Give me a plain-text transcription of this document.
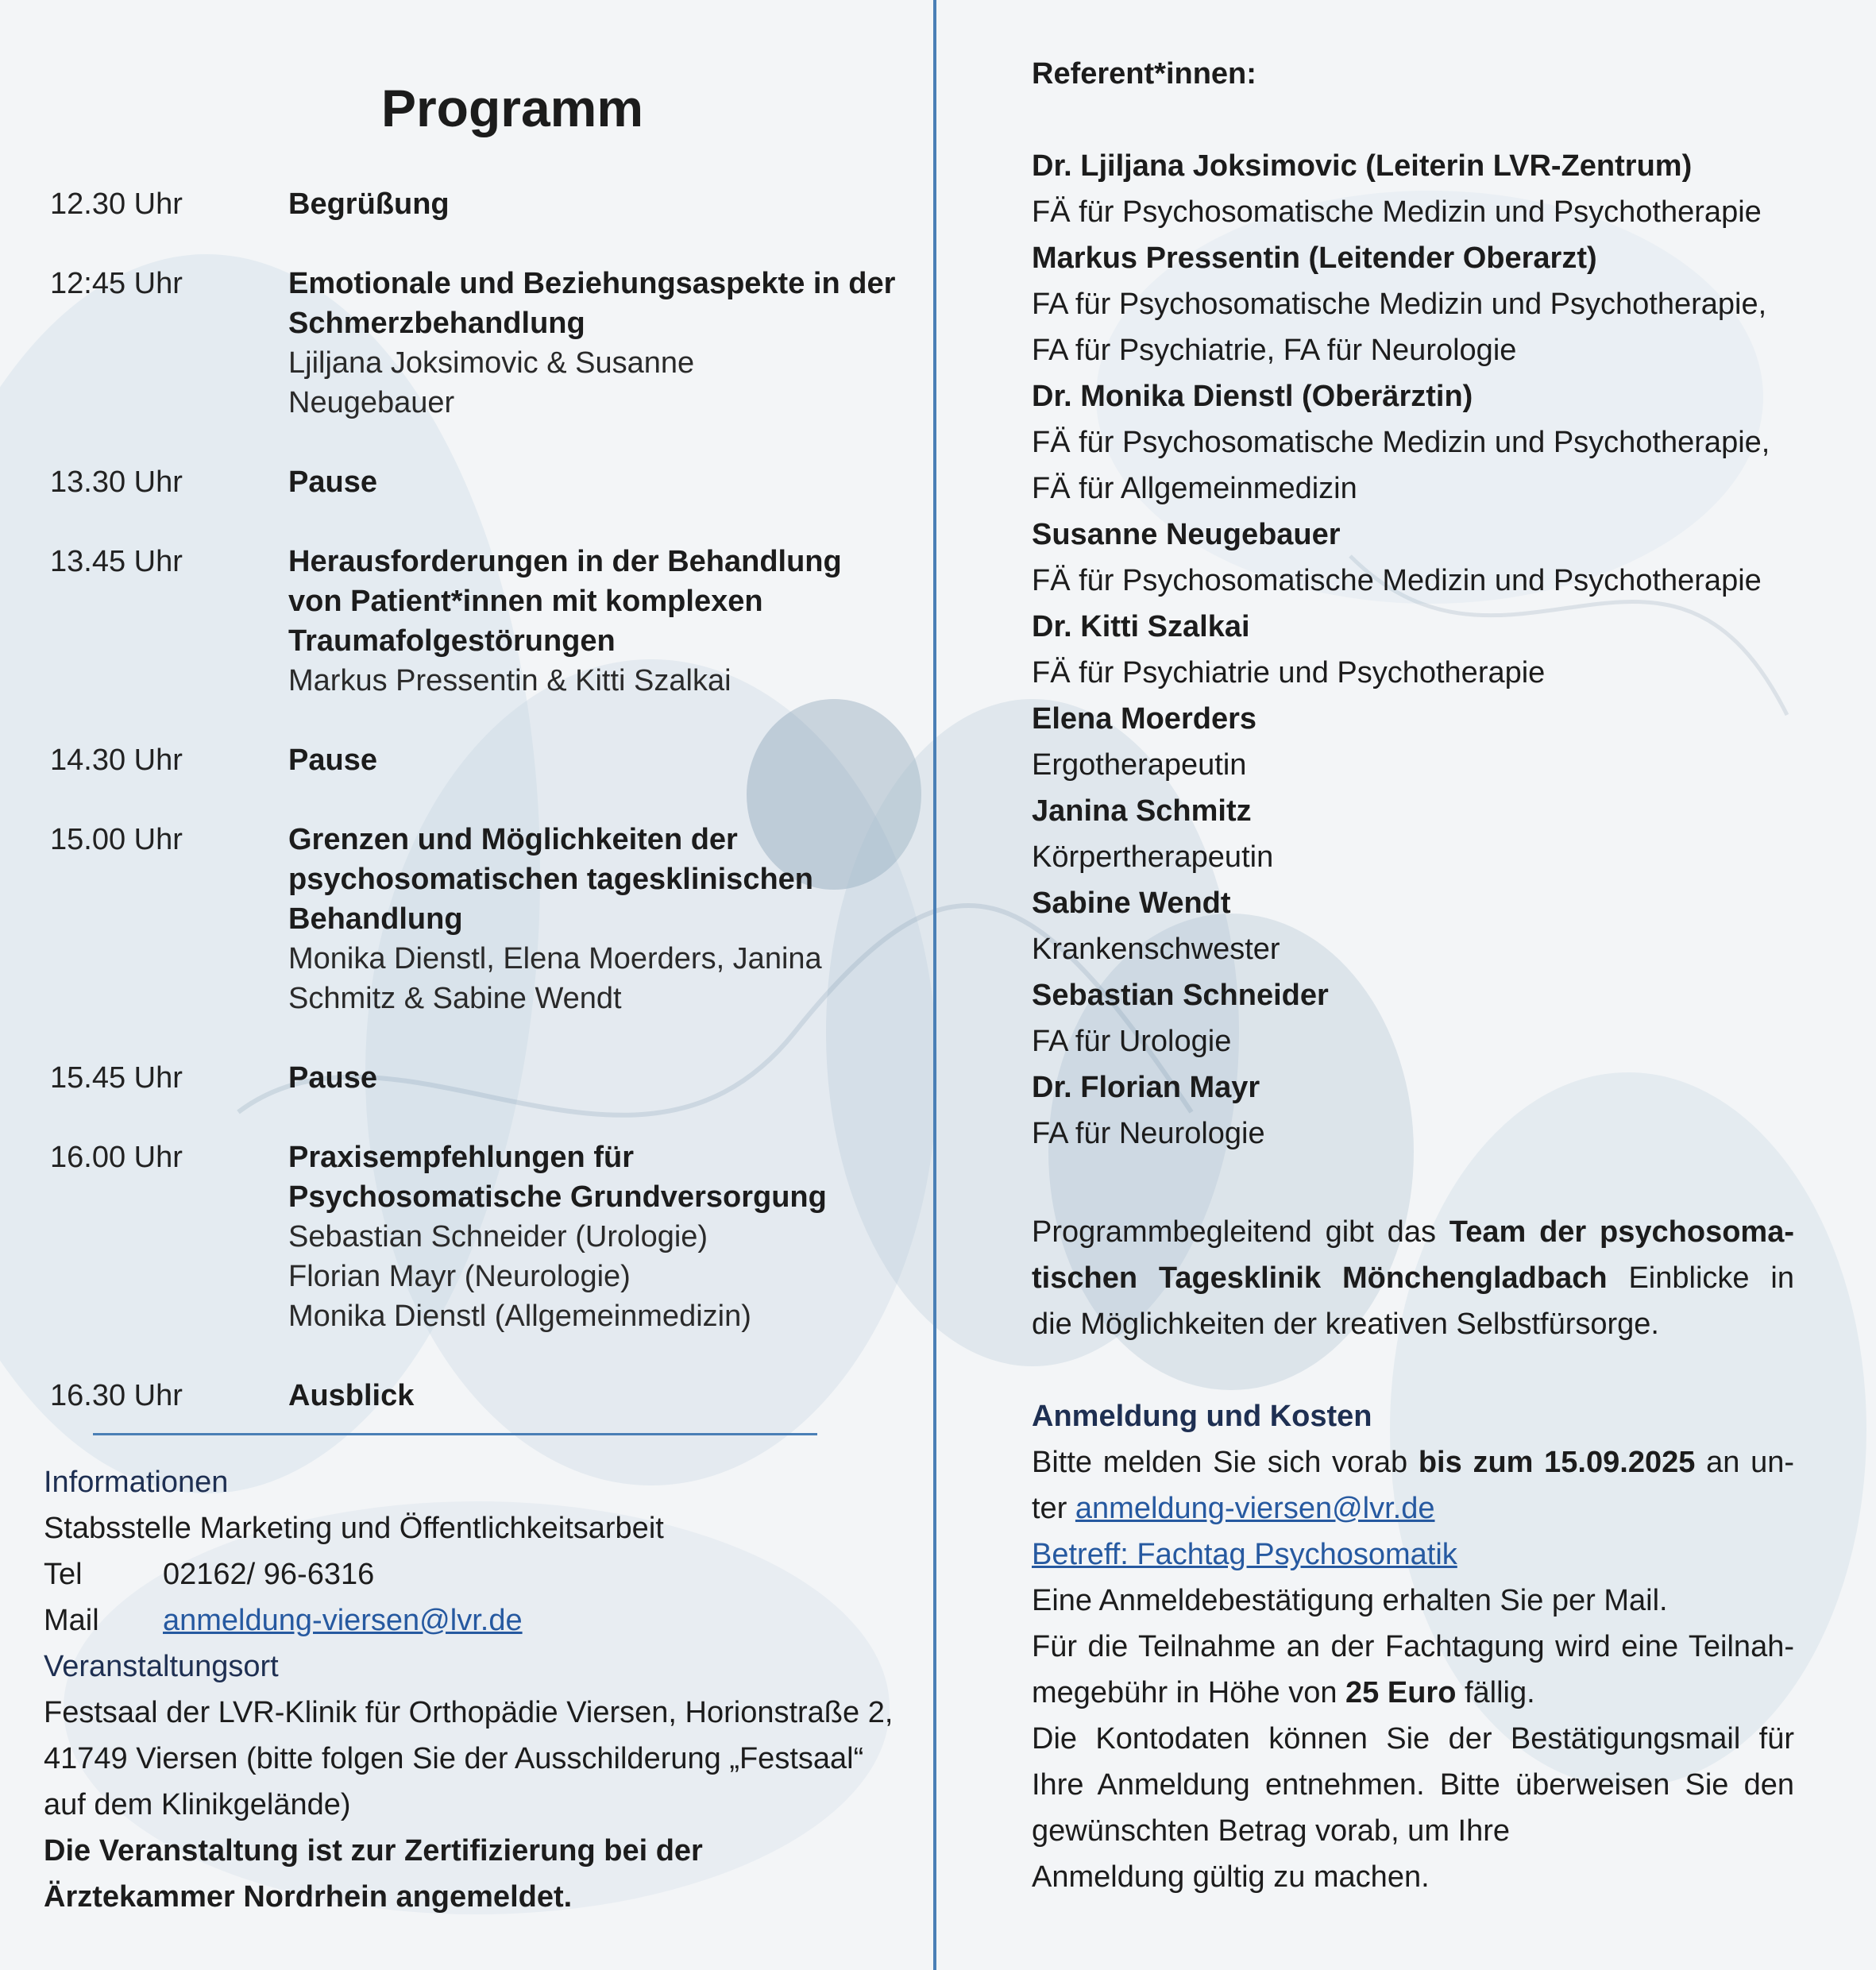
Programm
12.30 Uhr	Begrüßung
12:45 Uhr	Emotionale und Beziehungsaspekte in der
Schmerzbehandlung
Ljiljana Joksimovic & Susanne
Neugebauer
13.30 Uhr	Pause
13.45 Uhr	Herausforderungen in der Behandlung
von Patient*innen mit komplexen
Traumafolgestörungen
Markus Pressentin & Kitti Szalkai
14.30 Uhr	Pause
15.00 Uhr	Grenzen und Möglichkeiten der
psychosomatischen tagesklinischen
Behandlung
Monika Dienstl, Elena Moerders, Janina
Schmitz & Sabine Wendt
15.45 Uhr	Pause
16.00 Uhr	Praxisempfehlungen für
Psychosomatische Grundversorgung
Sebastian Schneider (Urologie)
Florian Mayr (Neurologie)
Monika Dienstl (Allgemeinmedizin)
16.30 Uhr	Ausblick
Informationen
Stabsstelle Marketing und Öffentlichkeitsarbeit
Tel	02162/ 96-6316
Mail anmeldung-viersen@lvr.de
Veranstaltungsort
Festsaal der LVR-Klinik für Orthopädie Viersen, Horionstraße 2,
41749 Viersen (bitte folgen Sie der Ausschilderung „Festsaal“
auf dem Klinikgelände)
Die Veranstaltung ist zur Zertifizierung bei der
Ärztekammer Nordrhein angemeldet.
Referent*innen:
Dr. Ljiljana Joksimovic (Leiterin LVR-Zentrum)
FÄ für Psychosomatische Medizin und Psychotherapie
Markus Pressentin (Leitender Oberarzt)
FA für Psychosomatische Medizin und Psychotherapie,
FA für Psychiatrie, FA für Neurologie
Dr. Monika Dienstl (Oberärztin)
FÄ für Psychosomatische Medizin und Psychotherapie,
FÄ für Allgemeinmedizin
Susanne Neugebauer
FÄ für Psychosomatische Medizin und Psychotherapie
Dr. Kitti Szalkai
FÄ für Psychiatrie und Psychotherapie
Elena Moerders
Ergotherapeutin
Janina Schmitz
Körpertherapeutin
Sabine Wendt
Krankenschwester
Sebastian Schneider
FA für Urologie
Dr. Florian Mayr
FA für Neurologie
Programmbegleitend gibt das Team der psychosoma-
tischen Tagesklinik Mönchengladbach Einblicke in
die Möglichkeiten der kreativen Selbstfürsorge.
Anmeldung und Kosten
Bitte melden Sie sich vorab bis zum 15.09.2025 an un-
ter anmeldung-viersen@lvr.de
Betreff: Fachtag Psychosomatik
Eine Anmeldebestätigung erhalten Sie per Mail.
Für die Teilnahme an der Fachtagung wird eine Teilnah-
megebühr in Höhe von 25 Euro fällig.
Die Kontodaten können Sie der Bestätigungsmail für
Ihre Anmeldung entnehmen. Bitte überweisen Sie den
gewünschten Betrag vorab, um Ihre
Anmeldung gültig zu machen.
